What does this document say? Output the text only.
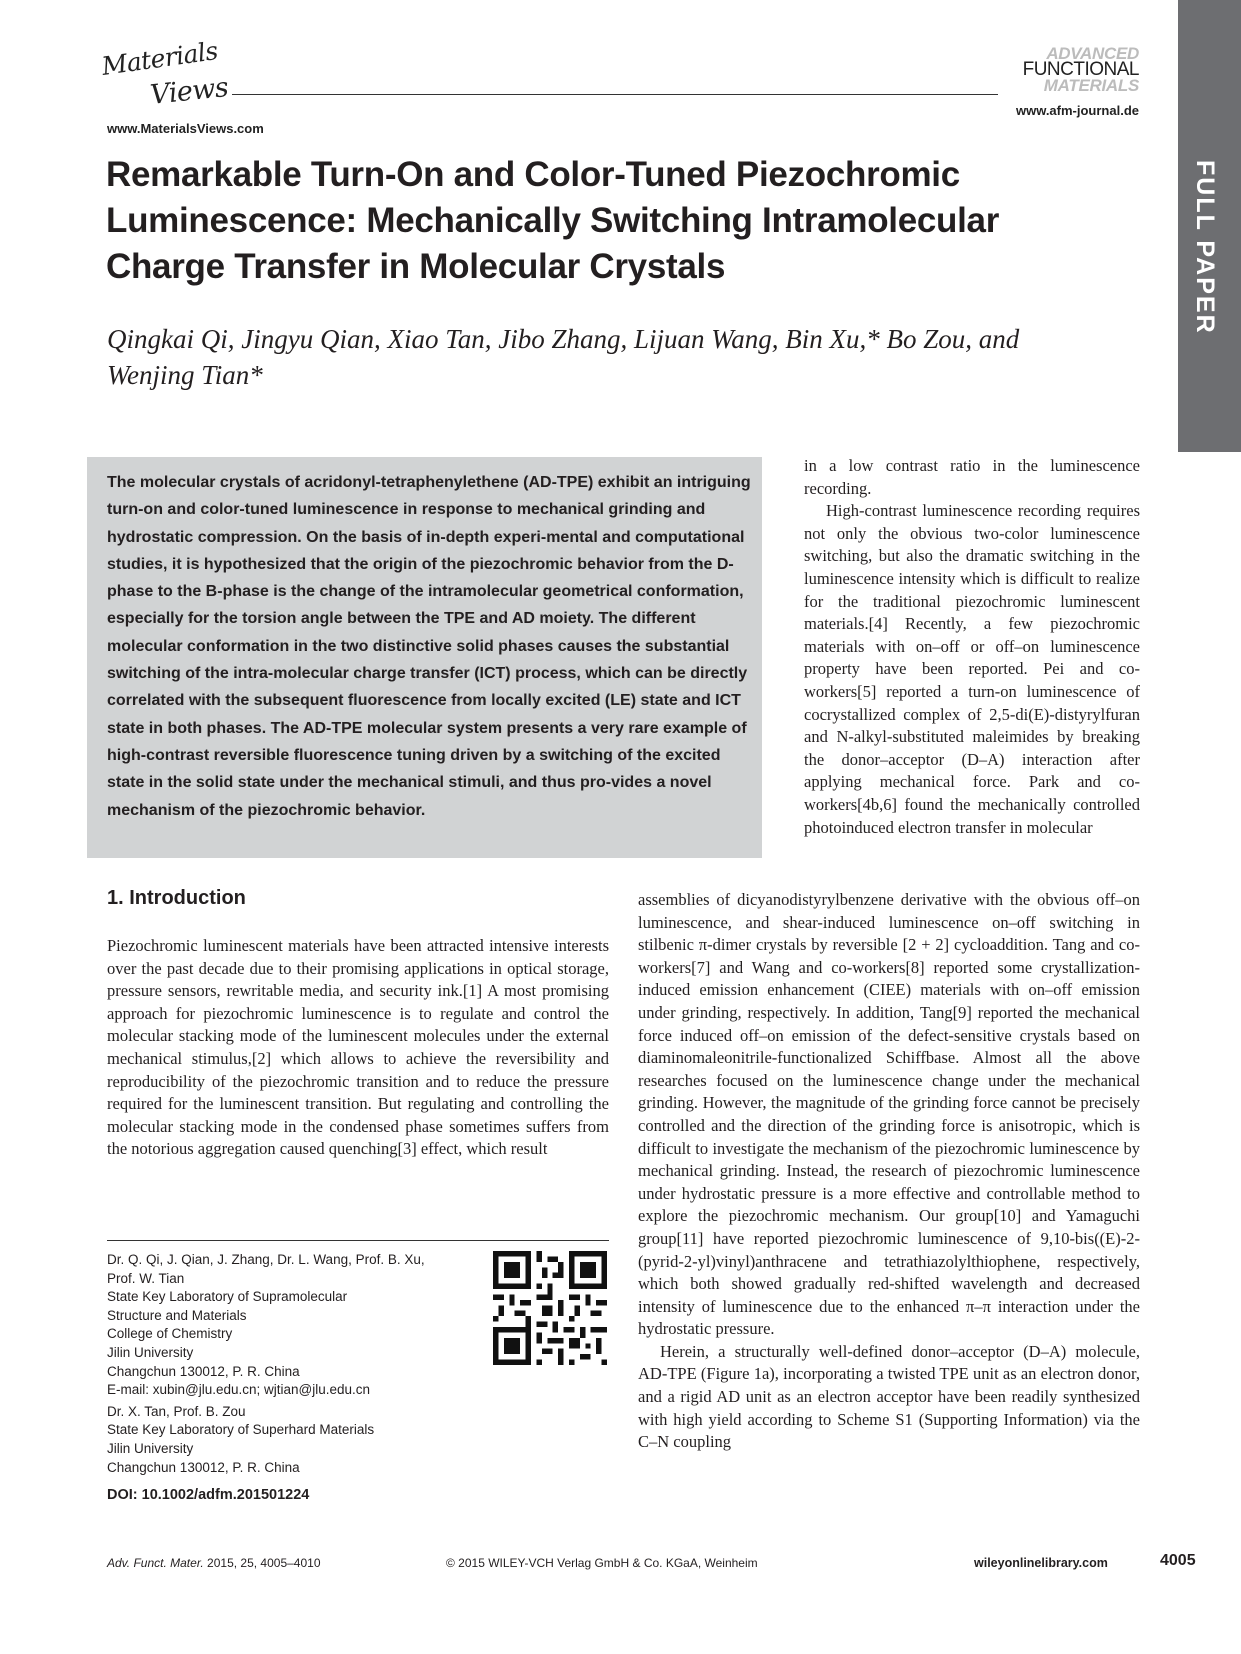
Materials
Views
www.MaterialsViews.com
ADVANCED
FUNCTIONAL
MATERIALS
www.afm-journal.de
FULL PAPER
Remarkable Turn-On and Color-Tuned Piezochromic Luminescence: Mechanically Switching Intramolecular Charge Transfer in Molecular Crystals
Qingkai Qi, Jingyu Qian, Xiao Tan, Jibo Zhang, Lijuan Wang, Bin Xu,* Bo Zou, and Wenjing Tian*

The molecular crystals of acridonyl-tetraphenylethene (AD-TPE) exhibit an intriguing turn-on and color-tuned luminescence in response to mechanical grinding and hydrostatic compression. On the basis of in-depth experi-mental and computational studies, it is hypothesized that the origin of the piezochromic behavior from the D-phase to the B-phase is the change of the intramolecular geometrical conformation, especially for the torsion angle between the TPE and AD moiety. The different molecular conformation in the two distinctive solid phases causes the substantial switching of the intra-molecular charge transfer (ICT) process, which can be directly correlated with the subsequent fluorescence from locally excited (LE) state and ICT state in both phases. The AD-TPE molecular system presents a very rare example of high-contrast reversible fluorescence tuning driven by a switching of the excited state in the solid state under the mechanical stimuli, and thus pro-vides a novel mechanism of the piezochromic behavior.

in a low contrast ratio in the luminescence recording.

High-contrast luminescence recording requires not only the obvious two-color luminescence switching, but also the dramatic switching in the luminescence intensity which is difficult to realize for the traditional piezochromic luminescent materials.[4] Recently, a few piezochromic materials with on–off or off–on luminescence property have been reported. Pei and co-workers[5] reported a turn-on luminescence of cocrystallized complex of 2,5-di(E)-distyrylfuran and N-alkyl-substituted maleimides by breaking the donor–acceptor (D–A) interaction after applying mechanical force. Park and co-workers[4b,6] found the mechanically controlled photoinduced electron transfer in molecular

1. Introduction

Piezochromic luminescent materials have been attracted intensive interests over the past decade due to their promising applications in optical storage, pressure sensors, rewritable media, and security ink.[1] A most promising approach for piezochromic luminescence is to regulate and control the molecular stacking mode of the luminescent molecules under the external mechanical stimulus,[2] which allows to achieve the reversibility and reproducibility of the piezochromic transition and to reduce the pressure required for the luminescent transition. But regulating and controlling the molecular stacking mode in the condensed phase sometimes suffers from the notorious aggregation caused quenching[3] effect, which result

assemblies of dicyanodistyrylbenzene derivative with the obvious off–on luminescence, and shear-induced luminescence on–off switching in stilbenic π-dimer crystals by reversible [2 + 2] cycloaddition. Tang and co-workers[7] and Wang and co-workers[8] reported some crystallization-induced emission enhancement (CIEE) materials with on–off emission under grinding, respectively. In addition, Tang[9] reported the mechanical force induced off–on emission of the defect-sensitive crystals based on diaminomaleonitrile-functionalized Schiffbase. Almost all the above researches focused on the luminescence change under the mechanical grinding. However, the magnitude of the grinding force cannot be precisely controlled and the direction of the grinding force is anisotropic, which is difficult to investigate the mechanism of the piezochromic luminescence by mechanical grinding. Instead, the research of piezochromic luminescence under hydrostatic pressure is a more effective and controllable method to explore the piezochromic mechanism. Our group[10] and Yamaguchi group[11] have reported piezochromic luminescence of 9,10-bis((E)-2-(pyrid-2-yl)vinyl)anthracene and tetrathiazolylthiophene, respectively, which both showed gradually red-shifted wavelength and decreased intensity of luminescence due to the enhanced π–π interaction under the hydrostatic pressure.

Herein, a structurally well-defined donor–acceptor (D–A) molecule, AD-TPE (Figure 1a), incorporating a twisted TPE unit as an electron donor, and a rigid AD unit as an electron acceptor have been readily synthesized with high yield according to Scheme S1 (Supporting Information) via the C–N coupling

Dr. Q. Qi, J. Qian, J. Zhang, Dr. L. Wang, Prof. B. Xu,
Prof. W. Tian
State Key Laboratory of Supramolecular
Structure and Materials
College of Chemistry
Jilin University
Changchun 130012, P. R. China
E-mail: xubin@jlu.edu.cn; wjtian@jlu.edu.cn
Dr. X. Tan, Prof. B. Zou
State Key Laboratory of Superhard Materials
Jilin University
Changchun 130012, P. R. China
DOI: 10.1002/adfm.201501224
Adv. Funct. Mater. 2015, 25, 4005–4010	© 2015 WILEY-VCH Verlag GmbH & Co. KGaA, Weinheim	wileyonlinelibrary.com	4005
